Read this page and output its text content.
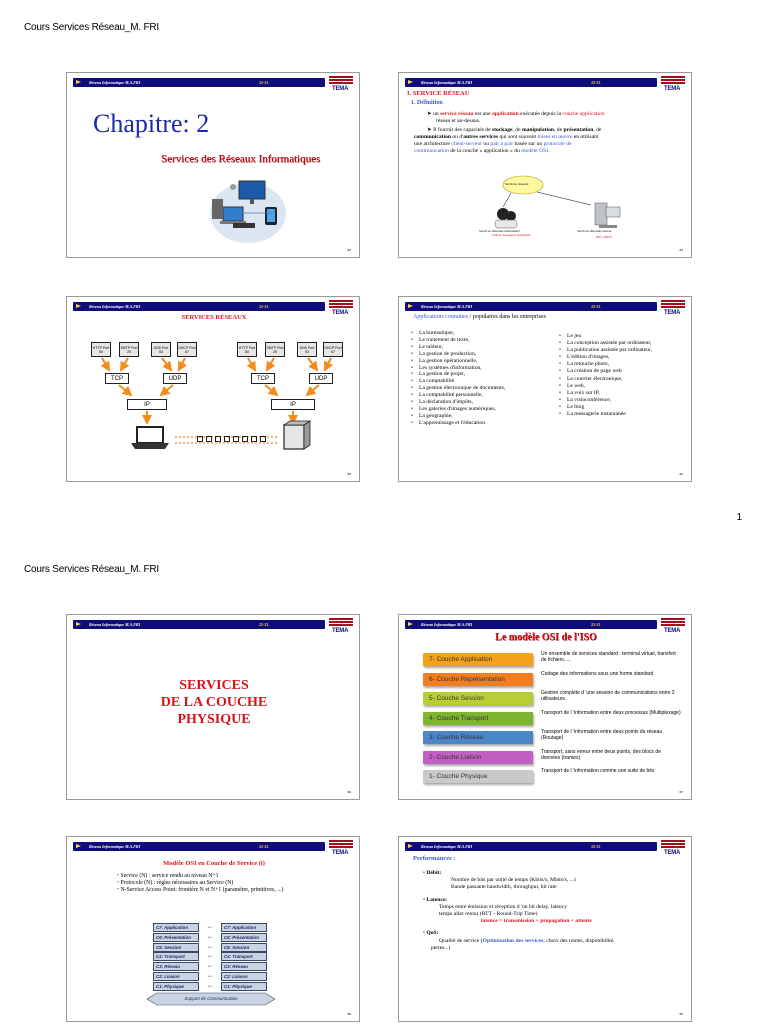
Cours Services Réseau_M. FRI
1
Cours Services Réseau_M. FRI
Réseau Informatique M.A.FRI	22-23	Sup
TEMA
Chapitre: 2
Services des Réseaux Informatiques
02
Réseau Informatique M.A.FRI	22-23	Sup
TEMA
I. SERVICE RÉSEAU
1. Définition
➤ un service réseau est une application exécutée depuis la couche application
réseau et au-dessus.
➤ Il fournit des capacités de stockage, de manipulation, de présentation, de
communication ou d'autres services qui sont souvent mises en œuvre en utilisant
une architecture client-serveur ou pair à pair basée sur un protocole de
communication de la couche « application » du modèle OSI.
Services réseaux
Services Orientés utilisateurs
VoIP/tel, messagerie multimédia
Services Orientés réseau
DNS, DHCP
03
Réseau Informatique M.A.FRI	22-23	Sup
TEMA
SERVICES RÉSEAUX
HTTP Port 80
SMTP Port 25
DNS Port 53
DHCP Port 67
HTTP Port 80
SMTP Port 25
DNS Port 53
DHCP Port 67
TCP	UDP
IP
TCP	UDP
IP
04
Réseau Informatique M.A.FRI	22-23	Sup
TEMA
Applications courantes / populaires dans les entreprises
• La bureautique,
• Le traitement de texte,
• Le tableur,
• La gestion de production,
• La gestion opérationnelle,
• Les systèmes d'information,
• La gestion de projet,
• La comptabilité
• La gestion électronique de documents,
• La comptabilité personnelle,
• La déclaration d'impôts,
• Les galeries d'images numériques,
• La géographie,
• L'apprentissage et l'éducation
• Le jeu
• La conception assistée par ordinateur,
• La publication assistée par ordinateur,
• L'édition d'images,
• La retouche photo,
• La création de page web
• Le courrier électronique,
• Le web,
• La voix sur IP,
• La visioconférence,
• Le blog
• La messagerie instantanée
05
Réseau Informatique M.A.FRI	22-23	Sup
TEMA
SERVICES
DE LA COUCHE
PHYSIQUE
06
Réseau Informatique M.A.FRI	22-23	Sup
TEMA
Le modèle OSI de l'ISO
7- Couche Application
Un ensemble de services standard : terminal virtuel, transfert de fichiers, ...
6- Couche Représentation
Codage des informations sous une forme standard
5- Couche Session
Gestion complète d 'une session de communications entre 2 utilisateurs.
4- Couche Transport
Transport de l 'information entre deux processus (Multiplexage)
3- Couche Réseau
Transport de l 'information entre deux points du réseau (Routage)
2- Couche Liaison
Transport, sans erreur entre deux points, des blocs de données (trames)
1- Couche Physique
Transport de l 'information comme une suite de bits
07
Réseau Informatique M.A.FRI	22-23	Sup
TEMA
Modèle OSI en Couche de Service (i)
• Service (N) : service rendu au niveau N+1
• Protocole (N) : règles nécessaires au Service (N)
• N-Service Access Point: frontière N et N+1 (paramètre, primitives, ...)
C7: Application
C6: Présentation
C5: Session
C4: Transport
C3: Réseau
C2: Liaison
C1: Physique
C7: Application
C6: Présentation
C5: Session
C4: Transport
C3: Réseau
C2: Liaison
C1: Physique
↔
↔
↔
↔
↔
↔
↔
Support de Communication
08
Réseau Informatique M.A.FRI	22-23	Sup
TEMA
Performances :
• Débit:
Nombre de bits par unité de temps (Kbits/s, Mbits/s, ...)
Bande passante bandwidth, throughput, bit rate
• Latence:
Temps entre émission et réception d 'un bit delay, latency
temps aller retour (RTT - Round-Trip Time)
latence = transmission + propagation + attente
• QoS:
Qualité de service (Optimisation des services; choix des routes, disponibilité,
pertes...)
09
